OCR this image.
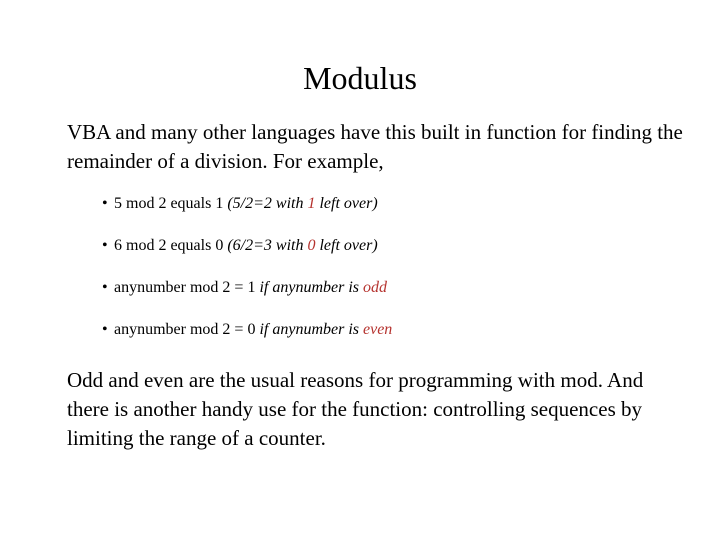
Modulus

VBA and many other languages have this built in function for finding the remainder of a division. For example,

• 5 mod 2 equals 1 (5/2=2 with 1 left over)
• 6 mod 2 equals 0 (6/2=3 with 0 left over)
• anynumber mod 2 = 1 if anynumber is odd
• anynumber mod 2 = 0 if anynumber is even

Odd and even are the usual reasons for programming with mod. And there is another handy use for the function: controlling sequences by limiting the range of a counter.
